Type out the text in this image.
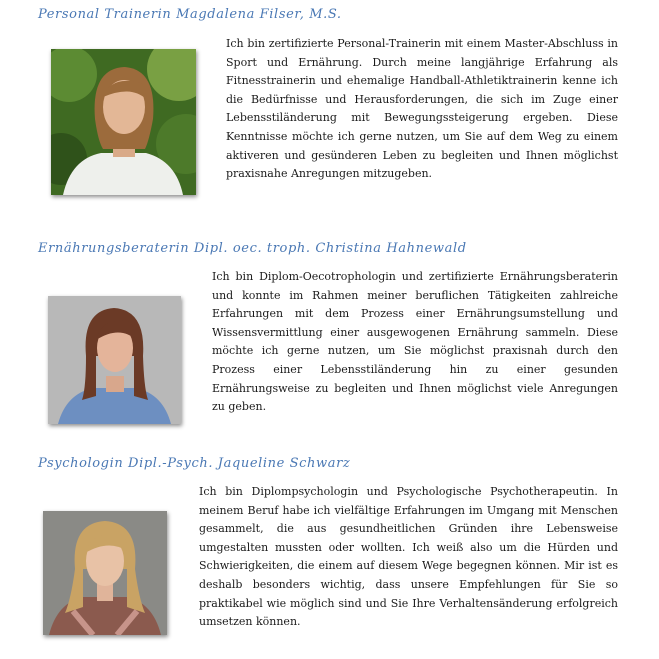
Personal Trainerin Magdalena Filser, M.S.

Ich bin zertifizierte Personal-Trainerin mit einem Master-Abschluss in Sport und Ernährung. Durch meine langjährige Erfahrung als Fitnesstrainerin und ehemalige Handball-Athletiktrainerin kenne ich die Bedürfnisse und Herausforderungen, die sich im Zuge einer Lebensstiländerung mit Bewegungssteigerung ergeben. Diese Kenntnisse möchte ich gerne nutzen, um Sie auf dem Weg zu einem aktiveren und gesünderen Leben zu begleiten und Ihnen möglichst praxisnahe Anregungen mitzugeben.

Ernährungsberaterin Dipl. oec. troph. Christina Hahnewald

Ich bin Diplom-Oecotrophologin und zertifizierte Ernährungsberaterin und konnte im Rahmen meiner beruflichen Tätigkeiten zahlreiche Erfahrungen mit dem Prozess einer Ernährungsumstellung und Wissensvermittlung einer ausgewogenen Ernährung sammeln. Diese möchte ich gerne nutzen, um Sie möglichst praxisnah durch den Prozess einer Lebensstiländerung hin zu einer gesunden Ernährungsweise zu begleiten und Ihnen möglichst viele Anregungen zu geben.

Psychologin Dipl.-Psych. Jaqueline Schwarz

Ich bin Diplompsychologin und Psychologische Psychotherapeutin. In meinem Beruf habe ich vielfältige Erfahrungen im Umgang mit Menschen gesammelt, die aus gesundheitlichen Gründen ihre Lebensweise umgestalten mussten oder wollten. Ich weiß also um die Hürden und Schwierigkeiten, die einem auf diesem Wege begegnen können. Mir ist es deshalb besonders wichtig, dass unsere Empfehlungen für Sie so praktikabel wie möglich sind und Sie Ihre Verhaltensänderung erfolgreich umsetzen können.
